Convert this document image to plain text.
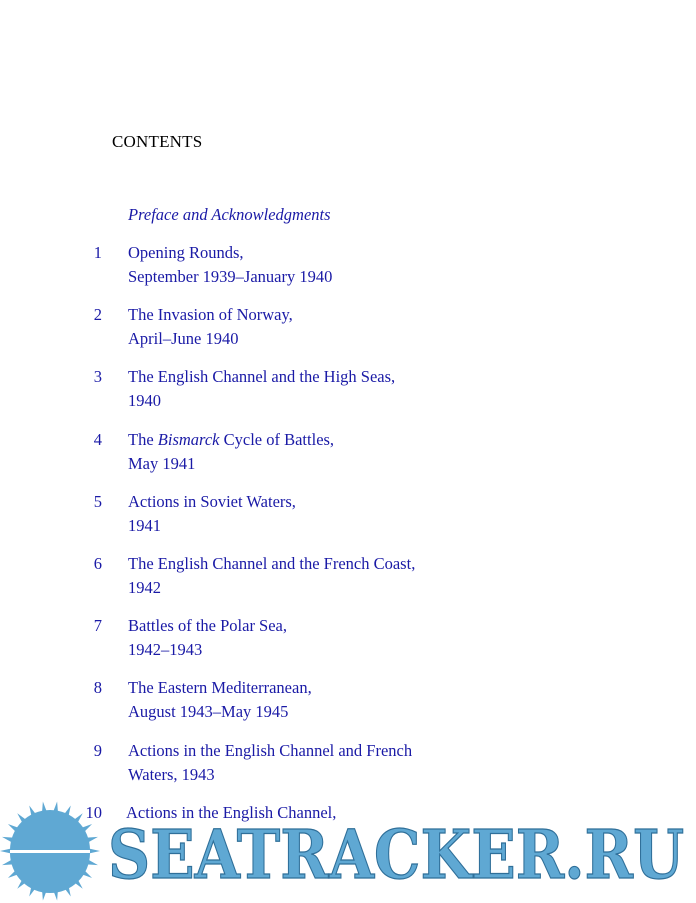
CONTENTS
Preface and Acknowledgments
1 Opening Rounds,
September 1939–January 1940
2 The Invasion of Norway,
April–June 1940
3 The English Channel and the High Seas,
1940
4 The Bismarck Cycle of Battles,
May 1941
5 Actions in Soviet Waters,
1941
6 The English Channel and the French Coast,
1942
7 Battles of the Polar Sea,
1942–1943
8 The Eastern Mediterranean,
August 1943–May 1945
9 Actions in the English Channel and French
Waters, 1943
10 Actions in the English Channel,
SEATRACKER.RU
